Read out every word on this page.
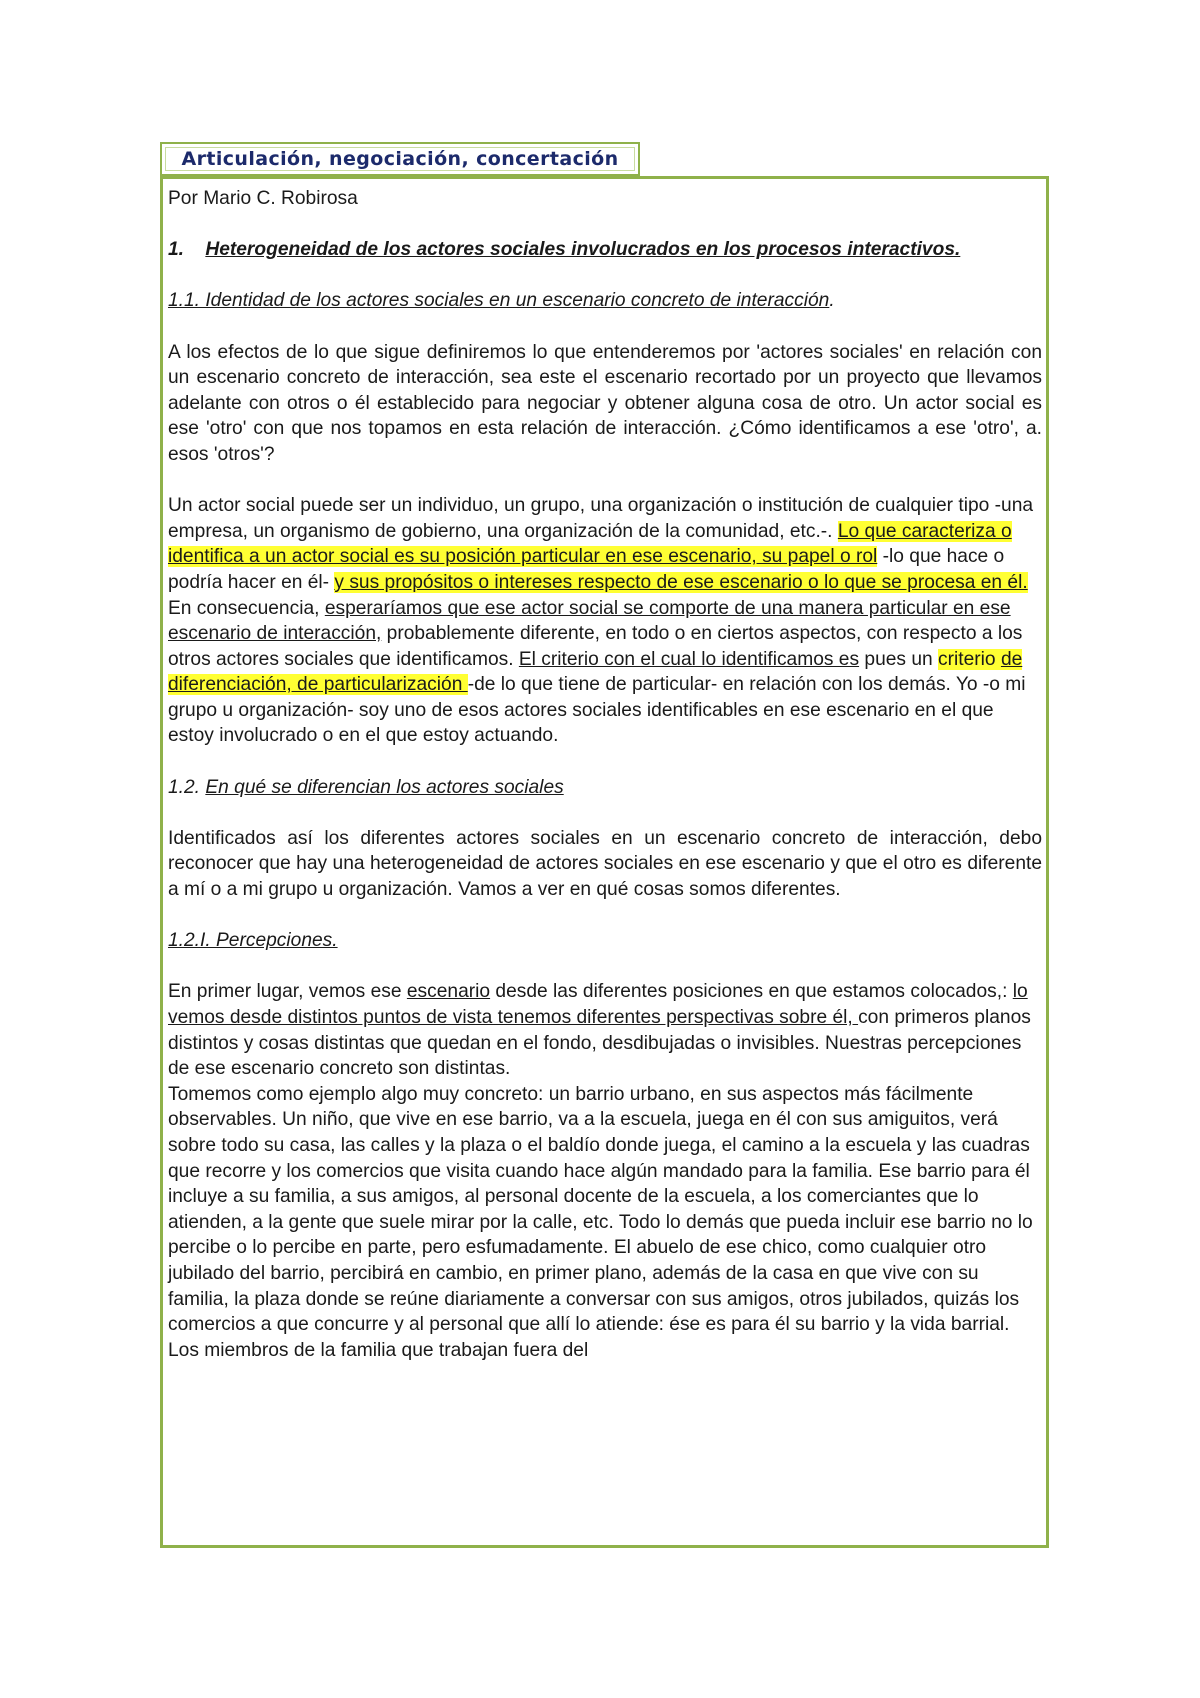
Articulación, negociación, concertación

Por Mario C. Robirosa

1. Heterogeneidad de los actores sociales involucrados en los procesos interactivos.

1.1. Identidad de los actores sociales en un escenario concreto de interacción.

A los efectos de lo que sigue definiremos lo que entenderemos por 'actores sociales' en relación con un escenario concreto de interacción, sea este el escenario recortado por un proyecto que llevamos adelante con otros o él establecido para negociar y obtener alguna cosa de otro. Un actor social es ese 'otro' con que nos topamos en esta relación de interacción. ¿Cómo identificamos a ese 'otro', a. esos 'otros'?

Un actor social puede ser un individuo, un grupo, una organización o institución de cualquier tipo -una empresa, un organismo de gobierno, una organización de la comunidad, etc.-. Lo que caracteriza o identifica a un actor social es su posición particular en ese escenario, su papel o rol -lo que hace o podría hacer en él- y sus propósitos o intereses respecto de ese escenario o lo que se procesa en él. En consecuencia, esperaríamos que ese actor social se comporte de una manera particular en ese escenario de interacción, probablemente diferente, en todo o en ciertos aspectos, con respecto a los otros actores sociales que identificamos. El criterio con el cual lo identificamos es pues un criterio de diferenciación, de particularización -de lo que tiene de particular- en relación con los demás. Yo -o mi grupo u organización- soy uno de esos actores sociales identificables en ese escenario en el que estoy involucrado o en el que estoy actuando.

1.2. En qué se diferencian los actores sociales

Identificados así los diferentes actores sociales en un escenario concreto de interacción, debo reconocer que hay una heterogeneidad de actores sociales en ese escenario y que el otro es diferente a mí o a mi grupo u organización. Vamos a ver en qué cosas somos diferentes.

1.2.I. Percepciones.

En primer lugar, vemos ese escenario desde las diferentes posiciones en que estamos colocados,: lo vemos desde distintos puntos de vista tenemos diferentes perspectivas sobre él, con primeros planos distintos y cosas distintas que quedan en el fondo, desdibujadas o invisibles. Nuestras percepciones de ese escenario concreto son distintas.

Tomemos como ejemplo algo muy concreto: un barrio urbano, en sus aspectos más fácilmente observables. Un niño, que vive en ese barrio, va a la escuela, juega en él con sus amiguitos, verá sobre todo su casa, las calles y la plaza o el baldío donde juega, el camino a la escuela y las cuadras que recorre y los comercios que visita cuando hace algún mandado para la familia. Ese barrio para él incluye a su familia, a sus amigos, al personal docente de la escuela, a los comerciantes que lo atienden, a la gente que suele mirar por la calle, etc. Todo lo demás que pueda incluir ese barrio no lo percibe o lo percibe en parte, pero esfumadamente. El abuelo de ese chico, como cualquier otro jubilado del barrio, percibirá en cambio, en primer plano, además de la casa en que vive con su familia, la plaza donde se reúne diariamente a conversar con sus amigos, otros jubilados, quizás los comercios a que concurre y al personal que allí lo atiende: ése es para él su barrio y la vida barrial. Los miembros de la familia que trabajan fuera del
